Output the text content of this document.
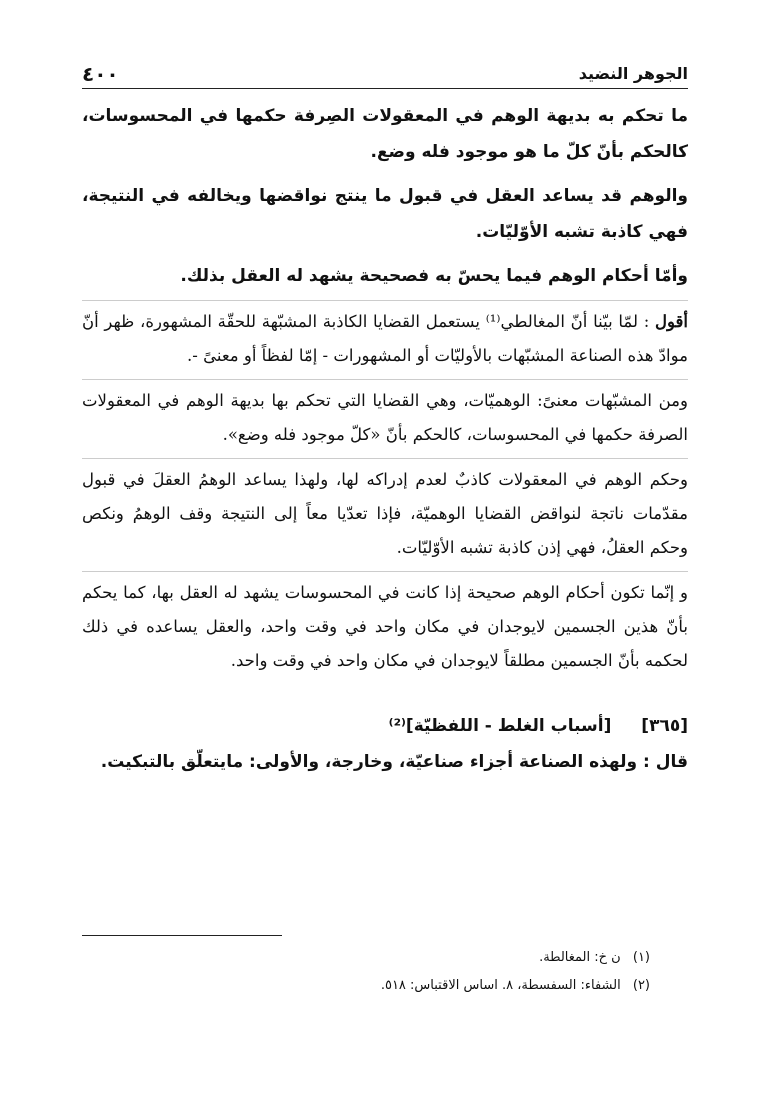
الجوهر النضيد
٤٠٠

ما تحكم به بديهة الوهم في المعقولات الصِرفة حكمها في المحسوسات، كالحكم بأنّ كلّ ما هو موجود فله وضع.

والوهم قد يساعد العقل في قبول ما ينتج نواقضها ويخالفه في النتيجة، فهي كاذبة تشبه الأوّليّات.

وأمّا أحكام الوهم فيما يحسّ به فصحيحة يشهد له العقل بذلك.

أقول : لمّا بيّنا أنّ المغالطي⁽¹⁾ يستعمل القضايا الكاذبة المشبّهة للحقّة المشهورة، ظهر أنّ موادّ هذه الصناعة المشبّهات بالأوليّات أو المشهورات - إمّا لفظاً أو معنىً -.

ومن المشبّهات معنىً: الوهميّات، وهي القضايا التي تحكم بها بديهة الوهم في المعقولات الصرفة حكمها في المحسوسات، كالحكم بأنّ «كلّ موجود فله وضع».

وحكم الوهم في المعقولات كاذبٌ لعدم إدراكه لها، ولهذا يساعد الوهمُ العقلَ في قبول مقدّمات ناتجة لنواقض القضايا الوهميّة، فإذا تعدّيا معاً إلى النتيجة وقف الوهمُ ونكص وحكم العقلُ، فهي إذن كاذبة تشبه الأوّليّات.

و إنّما تكون أحكام الوهم صحيحة إذا كانت في المحسوسات يشهد له العقل بها، كما يحكم بأنّ هذين الجسمين لايوجدان في مكان واحد في وقت واحد، والعقل يساعده في ذلك لحكمه بأنّ الجسمين مطلقاً لايوجدان في مكان واحد في وقت واحد.

[٣٦٥] [أسباب الغلط - اللفظيّة]⁽²⁾

قال : ولهذه الصناعة أجزاء صناعيّة، وخارجة، والأولى: مايتعلّق بالتبكيت.

(١) ن خ: المغالطة.
(٢) الشفاء: السفسطة، ٨. اساس الاقتباس: ٥١٨.
